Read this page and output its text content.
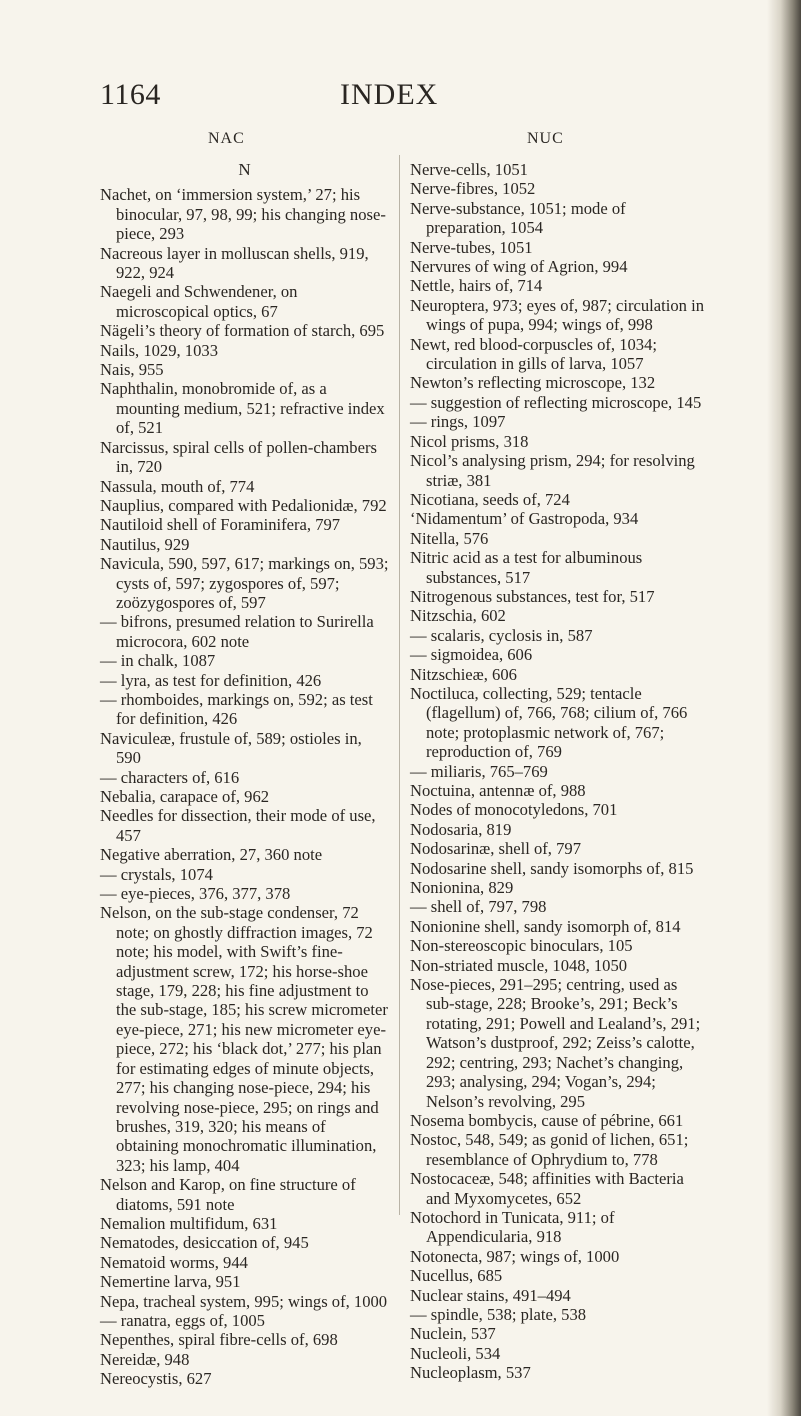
1164	INDEX
NAC	NUC
N

Nachet, on ‘immersion system,’ 27; his binocular, 97, 98, 99; his changing nose-piece, 293

Nacreous layer in molluscan shells, 919, 922, 924

Naegeli and Schwendener, on microscopical optics, 67

Nägeli’s theory of formation of starch, 695

Nails, 1029, 1033

Nais, 955

Naphthalin, monobromide of, as a mounting medium, 521; refractive index of, 521

Narcissus, spiral cells of pollen-chambers in, 720

Nassula, mouth of, 774

Nauplius, compared with Pedalionidæ, 792

Nautiloid shell of Foraminifera, 797

Nautilus, 929

Navicula, 590, 597, 617; markings on, 593; cysts of, 597; zygospores of, 597; zoözygospores of, 597

— bifrons, presumed relation to Surirella microcora, 602 note

— in chalk, 1087

— lyra, as test for definition, 426

— rhomboides, markings on, 592; as test for definition, 426

Naviculeæ, frustule of, 589; ostioles in, 590

— characters of, 616

Nebalia, carapace of, 962

Needles for dissection, their mode of use, 457

Negative aberration, 27, 360 note

— crystals, 1074

— eye-pieces, 376, 377, 378

Nelson, on the sub-stage condenser, 72 note; on ghostly diffraction images, 72 note; his model, with Swift’s fine-adjustment screw, 172; his horse-shoe stage, 179, 228; his fine adjustment to the sub-stage, 185; his screw micrometer eye-piece, 271; his new micrometer eye-piece, 272; his ‘black dot,’ 277; his plan for estimating edges of minute objects, 277; his changing nose-piece, 294; his revolving nose-piece, 295; on rings and brushes, 319, 320; his means of obtaining monochromatic illumination, 323; his lamp, 404

Nelson and Karop, on fine structure of diatoms, 591 note

Nemalion multifidum, 631

Nematodes, desiccation of, 945

Nematoid worms, 944

Nemertine larva, 951

Nepa, tracheal system, 995; wings of, 1000

— ranatra, eggs of, 1005

Nepenthes, spiral fibre-cells of, 698

Nereidæ, 948

Nereocystis, 627

Nerve-cells, 1051

Nerve-fibres, 1052

Nerve-substance, 1051; mode of preparation, 1054

Nerve-tubes, 1051

Nervures of wing of Agrion, 994

Nettle, hairs of, 714

Neuroptera, 973; eyes of, 987; circulation in wings of pupa, 994; wings of, 998

Newt, red blood-corpuscles of, 1034; circulation in gills of larva, 1057

Newton’s reflecting microscope, 132

— suggestion of reflecting microscope, 145

— rings, 1097

Nicol prisms, 318

Nicol’s analysing prism, 294; for resolving striæ, 381

Nicotiana, seeds of, 724

‘Nidamentum’ of Gastropoda, 934

Nitella, 576

Nitric acid as a test for albuminous substances, 517

Nitrogenous substances, test for, 517

Nitzschia, 602

— scalaris, cyclosis in, 587

— sigmoidea, 606

Nitzschieæ, 606

Noctiluca, collecting, 529; tentacle (flagellum) of, 766, 768; cilium of, 766 note; protoplasmic network of, 767; reproduction of, 769

— miliaris, 765–769

Noctuina, antennæ of, 988

Nodes of monocotyledons, 701

Nodosaria, 819

Nodosarinæ, shell of, 797

Nodosarine shell, sandy isomorphs of, 815

Nonionina, 829

— shell of, 797, 798

Nonionine shell, sandy isomorph of, 814

Non-stereoscopic binoculars, 105

Non-striated muscle, 1048, 1050

Nose-pieces, 291–295; centring, used as sub-stage, 228; Brooke’s, 291; Beck’s rotating, 291; Powell and Lealand’s, 291; Watson’s dustproof, 292; Zeiss’s calotte, 292; centring, 293; Nachet’s changing, 293; analysing, 294; Vogan’s, 294; Nelson’s revolving, 295

Nosema bombycis, cause of pébrine, 661

Nostoc, 548, 549; as gonid of lichen, 651; resemblance of Ophrydium to, 778

Nostocaceæ, 548; affinities with Bacteria and Myxomycetes, 652

Notochord in Tunicata, 911; of Appendicularia, 918

Notonecta, 987; wings of, 1000

Nucellus, 685

Nuclear stains, 491–494

— spindle, 538; plate, 538

Nuclein, 537

Nucleoli, 534

Nucleoplasm, 537
